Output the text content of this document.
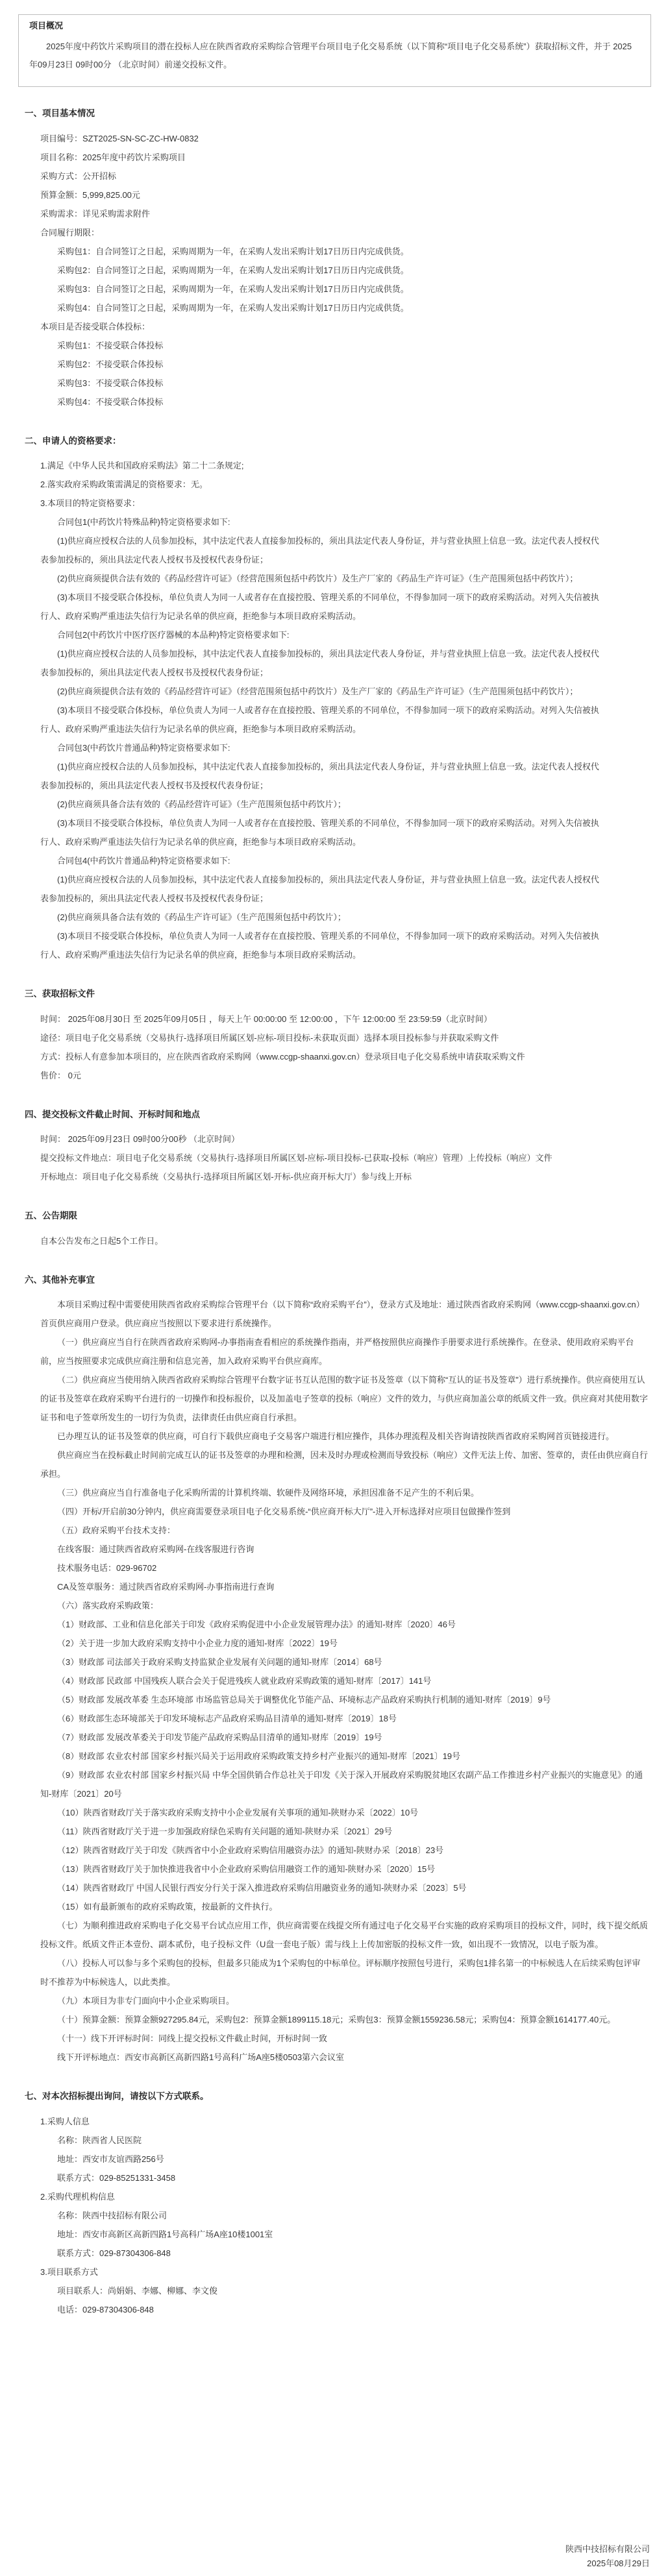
项目概况
2025年度中药饮片采购项目的潜在投标人应在陕西省政府采购综合管理平台项目电子化交易系统（以下简称“项目电子化交易系统”）获取招标文件，并于 2025年09月23日 09时00分 （北京时间）前递交投标文件。
一、项目基本情况
项目编号：SZT2025-SN-SC-ZC-HW-0832
项目名称：2025年度中药饮片采购项目
采购方式：公开招标
预算金额：5,999,825.00元
采购需求：详见采购需求附件
合同履行期限：
采购包1：自合同签订之日起，采购周期为一年，在采购人发出采购计划17日历日内完成供货。
采购包2：自合同签订之日起，采购周期为一年，在采购人发出采购计划17日历日内完成供货。
采购包3：自合同签订之日起，采购周期为一年，在采购人发出采购计划17日历日内完成供货。
采购包4：自合同签订之日起，采购周期为一年，在采购人发出采购计划17日历日内完成供货。
本项目是否接受联合体投标：
采购包1：不接受联合体投标
采购包2：不接受联合体投标
采购包3：不接受联合体投标
采购包4：不接受联合体投标
二、申请人的资格要求：
1.满足《中华人民共和国政府采购法》第二十二条规定;
2.落实政府采购政策需满足的资格要求：无。
3.本项目的特定资格要求：
合同包1(中药饮片特殊品种)特定资格要求如下:
(1)供应商应授权合法的人员参加投标，其中法定代表人直接参加投标的，须出具法定代表人身份证，并与营业执照上信息一致。法定代表人授权代
表参加投标的，须出具法定代表人授权书及授权代表身份证；
(2)供应商须提供合法有效的《药品经营许可证》（经营范围须包括中药饮片）及生产厂家的《药品生产许可证》（生产范围须包括中药饮片）；
(3)本项目不接受联合体投标，单位负责人为同一人或者存在直接控股、管理关系的不同单位，不得参加同一项下的政府采购活动。对列入失信被执
行人、政府采购严重违法失信行为记录名单的供应商，拒绝参与本项目政府采购活动。
合同包2(中药饮片中医疗医疗器械的本品种)特定资格要求如下:
(1)供应商应授权合法的人员参加投标，其中法定代表人直接参加投标的，须出具法定代表人身份证，并与营业执照上信息一致。法定代表人授权代
表参加投标的，须出具法定代表人授权书及授权代表身份证；
(2)供应商须提供合法有效的《药品经营许可证》（经营范围须包括中药饮片）及生产厂家的《药品生产许可证》（生产范围须包括中药饮片）；
(3)本项目不接受联合体投标，单位负责人为同一人或者存在直接控股、管理关系的不同单位，不得参加同一项下的政府采购活动。对列入失信被执
行人、政府采购严重违法失信行为记录名单的供应商，拒绝参与本项目政府采购活动。
合同包3(中药饮片普通品种)特定资格要求如下:
(1)供应商应授权合法的人员参加投标，其中法定代表人直接参加投标的，须出具法定代表人身份证，并与营业执照上信息一致。法定代表人授权代
表参加投标的，须出具法定代表人授权书及授权代表身份证；
(2)供应商须具备合法有效的《药品经营许可证》（生产范围须包括中药饮片）；
(3)本项目不接受联合体投标，单位负责人为同一人或者存在直接控股、管理关系的不同单位，不得参加同一项下的政府采购活动。对列入失信被执
行人、政府采购严重违法失信行为记录名单的供应商，拒绝参与本项目政府采购活动。
合同包4(中药饮片普通品种)特定资格要求如下:
(1)供应商应授权合法的人员参加投标，其中法定代表人直接参加投标的，须出具法定代表人身份证，并与营业执照上信息一致。法定代表人授权代
表参加投标的，须出具法定代表人授权书及授权代表身份证；
(2)供应商须具备合法有效的《药品生产许可证》（生产范围须包括中药饮片）；
(3)本项目不接受联合体投标，单位负责人为同一人或者存在直接控股、管理关系的不同单位，不得参加同一项下的政府采购活动。对列入失信被执
行人、政府采购严重违法失信行为记录名单的供应商，拒绝参与本项目政府采购活动。
三、获取招标文件
时间： 2025年08月30日 至 2025年09月05日 ，每天上午 00:00:00 至 12:00:00 ，下午 12:00:00 至 23:59:59（北京时间）
途径：项目电子化交易系统（交易执行-选择项目所属区划-应标-项目投标-未获取页面）选择本项目投标参与并获取采购文件
方式：投标人有意参加本项目的，应在陕西省政府采购网（www.ccgp-shaanxi.gov.cn）登录项目电子化交易系统申请获取采购文件
售价： 0元
四、提交投标文件截止时间、开标时间和地点
时间： 2025年09月23日 09时00分00秒 （北京时间）
提交投标文件地点：项目电子化交易系统（交易执行-选择项目所属区划-应标-项目投标-已获取-投标（响应）管理）上传投标（响应）文件
开标地点：项目电子化交易系统（交易执行-选择项目所属区划-开标-供应商开标大厅）参与线上开标
五、公告期限
自本公告发布之日起5个工作日。
六、其他补充事宜
本项目采购过程中需要使用陕西省政府采购综合管理平台（以下简称“政府采购平台”），登录方式及地址：通过陕西省政府采购网（www.ccgp-shaanxi.gov.cn）首页供应商用户登录。供应商应当按照以下要求进行系统操作。
（一）供应商应当自行在陕西省政府采购网-办事指南查看相应的系统操作指南，并严格按照供应商操作手册要求进行系统操作。在登录、使用政府采购平台前，应当按照要求完成供应商注册和信息完善，加入政府采购平台供应商库。
（二）供应商应当使用纳入陕西省政府采购综合管理平台数字证书互认范围的数字证书及签章（以下简称“互认的证书及签章”）进行系统操作。供应商使用互认的证书及签章在政府采购平台进行的一切操作和投标报价，以及加盖电子签章的投标（响应）文件的效力，与供应商加盖公章的纸质文件一致。供应商对其使用数字证书和电子签章所发生的一切行为负责，法律责任由供应商自行承担。
已办理互认的证书及签章的供应商，可自行下载供应商电子交易客户端进行相应操作，具体办理流程及相关咨询请按陕西省政府采购网首页链接进行。
供应商应当在投标截止时间前完成互认的证书及签章的办理和检测，因未及时办理或检测而导致投标（响应）文件无法上传、加密、签章的，责任由供应商自行承担。
（三）供应商应当自行准备电子化采购所需的计算机终端、软硬件及网络环境，承担因准备不足产生的不利后果。
（四）开标/开启前30分钟内，供应商需要登录项目电子化交易系统-“供应商开标大厅”-进入开标选择对应项目包做操作签到
（五）政府采购平台技术支持：
在线客服：通过陕西省政府采购网-在线客服进行咨询
技术服务电话：029-96702
CA及签章服务：通过陕西省政府采购网-办事指南进行查询
（六）落实政府采购政策：
（1）财政部、工业和信息化部关于印发《政府采购促进中小企业发展管理办法》的通知-财库〔2020〕46号
（2）关于进一步加大政府采购支持中小企业力度的通知-财库〔2022〕19号
（3）财政部 司法部关于政府采购支持监狱企业发展有关问题的通知-财库〔2014〕68号
（4）财政部 民政部 中国残疾人联合会关于促进残疾人就业政府采购政策的通知-财库〔2017〕141号
（5）财政部 发展改革委 生态环境部 市场监管总局关于调整优化节能产品、环境标志产品政府采购执行机制的通知-财库〔2019〕9号
（6）财政部生态环境部关于印发环境标志产品政府采购品目清单的通知-财库〔2019〕18号
（7）财政部 发展改革委关于印发节能产品政府采购品目清单的通知-财库〔2019〕19号
（8）财政部 农业农村部 国家乡村振兴局关于运用政府采购政策支持乡村产业振兴的通知-财库〔2021〕19号
（9）财政部 农业农村部 国家乡村振兴局 中华全国供销合作总社关于印发《关于深入开展政府采购脱贫地区农副产品工作推进乡村产业振兴的实施意见》的通知-财库〔2021〕20号
（10）陕西省财政厅关于落实政府采购支持中小企业发展有关事项的通知-陕财办采〔2022〕10号
（11）陕西省财政厅关于进一步加强政府绿色采购有关问题的通知-陕财办采〔2021〕29号
（12）陕西省财政厅关于印发《陕西省中小企业政府采购信用融资办法》的通知-陕财办采〔2018〕23号
（13）陕西省财政厅关于加快推进我省中小企业政府采购信用融资工作的通知-陕财办采〔2020〕15号
（14）陕西省财政厅 中国人民银行西安分行关于深入推进政府采购信用融资业务的通知-陕财办采〔2023〕5号
（15）如有最新颁布的政府采购政策，按最新的文件执行。
（七）为顺利推进政府采购电子化交易平台试点应用工作，供应商需要在线提交所有通过电子化交易平台实施的政府采购项目的投标文件，同时，线下提交纸质投标文件。纸质文件正本壹份、副本贰份，电子投标文件（U盘一套电子版）需与线上上传加密版的投标文件一致，如出现不一致情况，以电子版为准。
（八）投标人可以参与多个采购包的投标，但最多只能成为1个采购包的中标单位。评标顺序按照包号进行，采购包1排名第一的中标候选人在后续采购包评审时不推荐为中标候选人，以此类推。
（九）本项目为非专门面向中小企业采购项目。
（十）预算金额：预算金额927295.84元，采购包2：预算金额1899115.18元；采购包3：预算金额1559236.58元；采购包4：预算金额1614177.40元。
（十一）线下开评标时间：同线上提交投标文件截止时间，开标时间一致
线下开评标地点：西安市高新区高新四路1号高科广场A座5楼0503第六会议室
七、对本次招标提出询问，请按以下方式联系。
1.采购人信息
名称：陕西省人民医院
地址：西安市友谊西路256号
联系方式：029-85251331-3458
2.采购代理机构信息
名称：陕西中技招标有限公司
地址：西安市高新区高新四路1号高科广场A座10楼1001室
联系方式：029-87304306-848
3.项目联系方式
项目联系人：尚娟娟、李娜、柳娜、李文俊
电话：029-87304306-848
陕西中技招标有限公司
2025年08月29日
